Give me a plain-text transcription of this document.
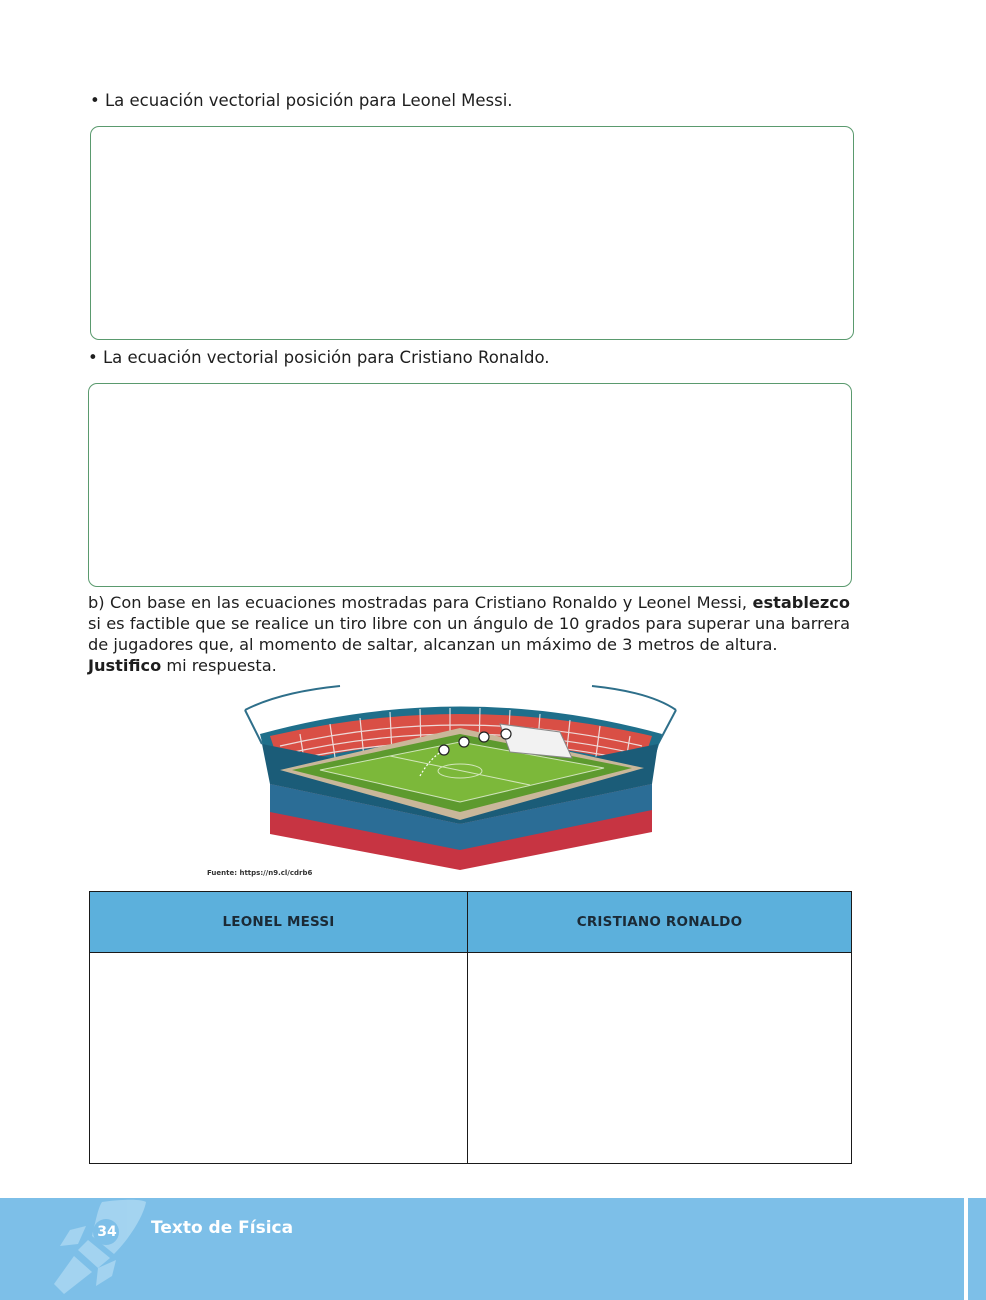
• La ecuación vectorial posición para Leonel Messi.
• La ecuación vectorial posición para Cristiano Ronaldo.
b) Con base en las ecuaciones mostradas para Cristiano Ronaldo y Leonel Messi, establezco si es factible que se realice un tiro libre con un ángulo de 10 grados para superar una barrera de jugadores que, al momento de saltar, alcanzan un máximo de 3 metros de altura.
Justifico mi respuesta.
Fuente: https://n9.cl/cdrb6
LEONEL MESSI	CRISTIANO RONALDO
34 Texto de Física
